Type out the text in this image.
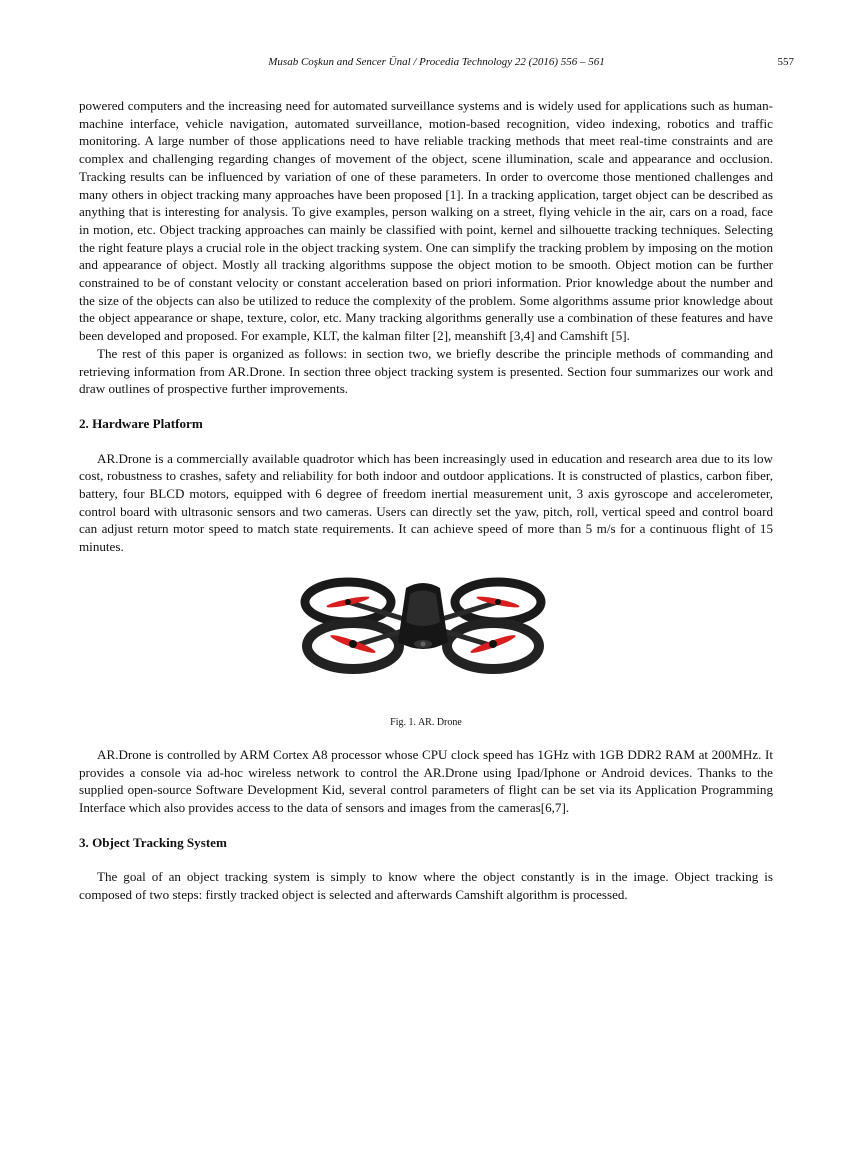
Musab Coşkun and Sencer Ünal / Procedia Technology 22 (2016) 556 – 561	557

powered computers and the increasing need for automated surveillance systems and is widely used for applications such as human-machine interface, vehicle navigation, automated surveillance, motion-based recognition, video indexing, robotics and traffic monitoring. A large number of those applications need to have reliable tracking methods that meet real-time constraints and are complex and challenging regarding changes of movement of the object, scene illumination, scale and appearance and occlusion. Tracking results can be influenced by variation of one of these parameters. In order to overcome those mentioned challenges and many others in object tracking many approaches have been proposed [1]. In a tracking application, target object can be described as anything that is interesting for analysis. To give examples, person walking on a street, flying vehicle in the air, cars on a road, face in motion, etc. Object tracking approaches can mainly be classified with point, kernel and silhouette tracking techniques. Selecting the right feature plays a crucial role in the object tracking system. One can simplify the tracking problem by imposing on the motion and appearance of object. Mostly all tracking algorithms suppose the object motion to be smooth. Object motion can be further constrained to be of constant velocity or constant acceleration based on priori information. Prior knowledge about the number and the size of the objects can also be utilized to reduce the complexity of the problem. Some algorithms assume prior knowledge about the object appearance or shape, texture, color, etc. Many tracking algorithms generally use a combination of these features and have been developed and proposed. For example, KLT, the kalman filter [2], meanshift [3,4] and Camshift [5].

The rest of this paper is organized as follows: in section two, we briefly describe the principle methods of commanding and retrieving information from AR.Drone. In section three object tracking system is presented. Section four summarizes our work and draw outlines of prospective further improvements.

2. Hardware Platform

AR.Drone is a commercially available quadrotor which has been increasingly used in education and research area due to its low cost, robustness to crashes, safety and reliability for both indoor and outdoor applications. It is constructed of plastics, carbon fiber, battery, four BLCD motors, equipped with 6 degree of freedom inertial measurement unit, 3 axis gyroscope and accelerometer, control board with ultrasonic sensors and two cameras. Users can directly set the yaw, pitch, roll, vertical speed and control board can adjust return motor speed to match state requirements. It can achieve speed of more than 5 m/s for a continuous flight of 15 minutes.

Fig. 1. AR. Drone

AR.Drone is controlled by ARM Cortex A8 processor whose CPU clock speed has 1GHz with 1GB DDR2 RAM at 200MHz. It provides a console via ad-hoc wireless network to control the AR.Drone using Ipad/Iphone or Android devices. Thanks to the supplied open-source Software Development Kid, several control parameters of flight can be set via its Application Programming Interface which also provides access to the data of sensors and images from the cameras[6,7].

3. Object Tracking System

The goal of an object tracking system is simply to know where the object constantly is in the image. Object tracking is composed of two steps: firstly tracked object is selected and afterwards Camshift algorithm is processed.
